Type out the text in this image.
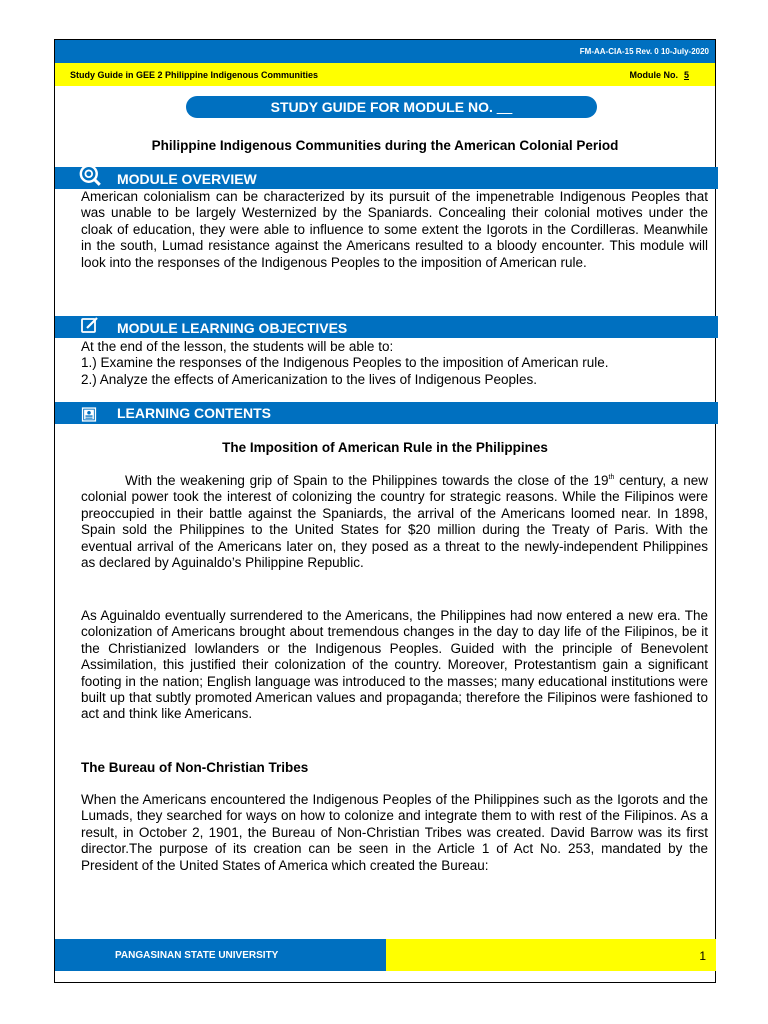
FM-AA-CIA-15 Rev. 0 10-July-2020
Study Guide in GEE 2 Philippine Indigenous Communities	Module No. 5
STUDY GUIDE FOR MODULE NO. __
Philippine Indigenous Communities during the American Colonial Period
MODULE OVERVIEW
American colonialism can be characterized by its pursuit of the impenetrable Indigenous Peoples that was unable to be largely Westernized by the Spaniards. Concealing their colonial motives under the cloak of education, they were able to influence to some extent the Igorots in the Cordilleras. Meanwhile in the south, Lumad resistance against the Americans resulted to a bloody encounter. This module will look into the responses of the Indigenous Peoples to the imposition of American rule.
MODULE LEARNING OBJECTIVES

At the end of the lesson, the students will be able to:

1.) Examine the responses of the Indigenous Peoples to the imposition of American rule.

2.) Analyze the effects of Americanization to the lives of Indigenous Peoples.

LEARNING CONTENTS
The Imposition of American Rule in the Philippines
With the weakening grip of Spain to the Philippines towards the close of the 19th century, a new colonial power took the interest of colonizing the country for strategic reasons. While the Filipinos were preoccupied in their battle against the Spaniards, the arrival of the Americans loomed near. In 1898, Spain sold the Philippines to the United States for $20 million during the Treaty of Paris. With the eventual arrival of the Americans later on, they posed as a threat to the newly-independent Philippines as declared by Aguinaldo’s Philippine Republic.
As Aguinaldo eventually surrendered to the Americans, the Philippines had now entered a new era. The colonization of Americans brought about tremendous changes in the day to day life of the Filipinos, be it the Christianized lowlanders or the Indigenous Peoples. Guided with the principle of Benevolent Assimilation, this justified their colonization of the country. Moreover, Protestantism gain a significant footing in the nation; English language was introduced to the masses; many educational institutions were built up that subtly promoted American values and propaganda; therefore the Filipinos were fashioned to act and think like Americans.
The Bureau of Non-Christian Tribes
When the Americans encountered the Indigenous Peoples of the Philippines such as the Igorots and the Lumads, they searched for ways on how to colonize and integrate them to with rest of the Filipinos. As a result, in October 2, 1901, the Bureau of Non-Christian Tribes was created. David Barrow was its first director.The purpose of its creation can be seen in the Article 1 of Act No. 253, mandated by the President of the United States of America which created the Bureau:
PANGASINAN STATE UNIVERSITY	1
